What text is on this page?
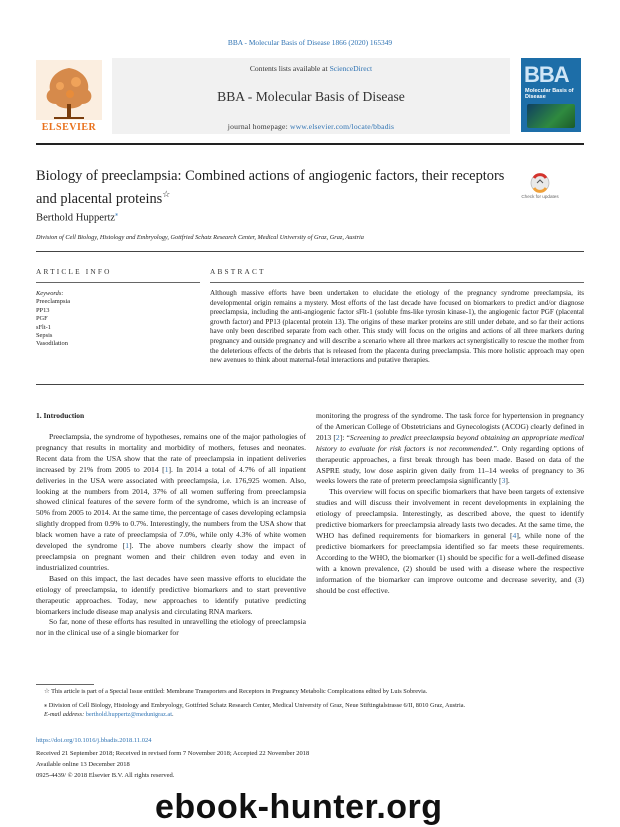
BBA - Molecular Basis of Disease 1866 (2020) 165349
Contents lists available at ScienceDirect
BBA - Molecular Basis of Disease
journal homepage: www.elsevier.com/locate/bbadis
ELSEVIER
BBA
Molecular Basis of Disease
Biology of preeclampsia: Combined actions of angiogenic factors, their receptors and placental proteins☆	Check for updates
Berthold Huppertz⁎
Division of Cell Biology, Histology and Embryology, Gottfried Schatz Research Center, Medical University of Graz, Graz, Austria
ARTICLE INFO	ABSTRACT
Keywords:
Preeclampsia
PP13
PGF
sFlt-1
Sepsis
Vasodilation
Although massive efforts have been undertaken to elucidate the etiology of the pregnancy syndrome preeclampsia, its developmental origin remains a mystery. Most efforts of the last decade have focused on biomarkers to predict and/or diagnose preeclampsia, including the anti-angiogenic factor sFlt-1 (soluble fms-like tyrosin kinase-1), the angiogenic factor PGF (placental growth factor) and PP13 (placental protein 13). The origins of these marker proteins are still under debate, and so far their actions have only been described separate from each other. This study will focus on the origins and actions of all three markers during pregnancy and outside pregnancy and will describe a scenario where all three markers act synergistically to rescue the mother from the deleterious effects of the debris that is released from the placenta during preeclampsia. This more holistic approach may open new avenues to think about maternal-fetal interactions and putative therapies.
1. Introduction

Preeclampsia, the syndrome of hypotheses, remains one of the major pathologies of pregnancy that results in mortality and morbidity of mothers, fetuses and neonates. Recent data from the USA show that the rate of preeclampsia in inpatient deliveries increased by 21% from 2005 to 2014 [1]. In 2014 a total of 4.7% of all inpatient deliveries in the USA were associated with preeclampsia, i.e. 176,925 women. Also, looking at the numbers from 2014, 37% of all women suffering from preeclampsia showed clinical features of the severe form of the syndrome, which is an increase of 50% from 2005 to 2014. At the same time, the percentage of cases developing eclampsia slightly dropped from 0.9% to 0.7%. Interestingly, the numbers from the USA show that black women have a rate of preeclampsia of 7.0%, while only 4.3% of white women developed the syndrome [1]. The above numbers clearly show the impact of preeclampsia on pregnant women and their children even today and even in industrialized countries.

Based on this impact, the last decades have seen massive efforts to elucidate the etiology of preeclampsia, to identify predictive biomarkers and to start preventive therapeutic approaches. Today, new approaches to identify putative predicting biomarkers include disease map analysis and circulating RNA markers.

So far, none of these efforts has resulted in unravelling the etiology of preeclampsia nor in the clinical use of a single biomarker for

monitoring the progress of the syndrome. The task force for hypertension in pregnancy of the American College of Obstetricians and Gynecologists (ACOG) clearly defined in 2013 [2]: “Screening to predict preeclampsia beyond obtaining an appropriate medical history to evaluate for risk factors is not recommended.”. Only regarding options of therapeutic approaches, a first break through has been made. Based on data of the ASPRE study, low dose aspirin given daily from 11–14 weeks of pregnancy to 36 weeks lowers the rate of preterm preeclampsia significantly [3].

This overview will focus on specific biomarkers that have been targets of extensive studies and will discuss their involvement in recent developments in explaining the etiology of preeclampsia. Interestingly, as described above, the quest to identify predictive biomarkers for preeclampsia already lasts two decades. At the same time, the WHO has defined requirements for biomarkers in general [4], while none of the predictive biomarkers for preeclampsia identified so far meets these requirements. According to the WHO, the biomarker (1) should be specific for a well-defined disease with a known prevalence, (2) should be used with a disease where the respective information of the biomarker can improve outcome and decrease severity, and (3) should be cost effective.

☆ This article is part of a Special Issue entitled: Membrane Transporters and Receptors in Pregnancy Metabolic Complications edited by Luis Sobrevia.
⁎ Division of Cell Biology, Histology and Embryology, Gottfried Schatz Research Center, Medical University of Graz, Neue Stiftingtalstrasse 6/II, 8010 Graz, Austria.
E-mail address: berthold.huppertz@medunigraz.at.
https://doi.org/10.1016/j.bbadis.2018.11.024
Received 21 September 2018; Received in revised form 7 November 2018; Accepted 22 November 2018
Available online 13 December 2018
0925-4439/ © 2018 Elsevier B.V. All rights reserved.
ebook-hunter.org
